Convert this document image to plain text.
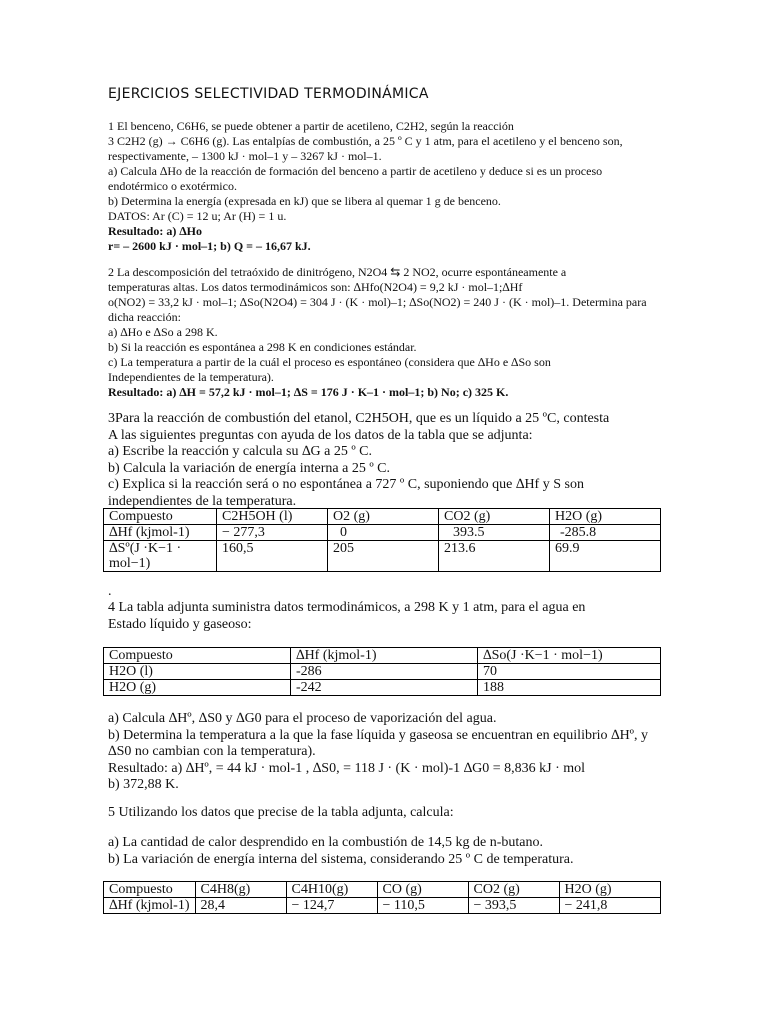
EJERCICIOS SELECTIVIDAD TERMODINÁMICA
1 El benceno, C6H6, se puede obtener a partir de acetileno, C2H2, según la reacción
3 C2H2 (g) → C6H6 (g). Las entalpías de combustión, a 25 º C y 1 atm, para el acetileno y el benceno son,
respectivamente, – 1300 kJ · mol–1 y – 3267 kJ · mol–1.
a) Calcula ∆Ho de la reacción de formación del benceno a partir de acetileno y deduce si es un proceso
endotérmico o exotérmico.
b) Determina la energía (expresada en kJ) que se libera al quemar 1 g de benceno.
DATOS: Ar (C) = 12 u; Ar (H) = 1 u.
Resultado: a) ∆Ho
r= – 2600 kJ · mol–1; b) Q = – 16,67 kJ.
2 La descomposición del tetraóxido de dinitrógeno, N2O4 ⇆ 2 NO2, ocurre espontáneamente a
temperaturas altas. Los datos termodinámicos son: ∆Hfo(N2O4) = 9,2 kJ · mol–1;∆Hf
o(NO2) = 33,2 kJ · mol–1; ∆So(N2O4) = 304 J · (K · mol)–1; ∆So(NO2) = 240 J · (K · mol)–1. Determina para
dicha reacción:
a) ∆Ho e ∆So a 298 K.
b) Si la reacción es espontánea a 298 K en condiciones estándar.
c) La temperatura a partir de la cuál el proceso es espontáneo (considera que ∆Ho e ∆So son
Independientes de la temperatura).
Resultado: a) ∆H = 57,2 kJ · mol–1; ∆S = 176 J · K–1 · mol–1; b) No; c) 325 K.
3Para la reacción de combustión del etanol, C2H5OH, que es un líquido a 25 ºC, contesta
A las siguientes preguntas con ayuda de los datos de la tabla que se adjunta:
a) Escribe la reacción y calcula su ∆G a 25 º C.
b) Calcula la variación de energía interna a 25 º C.
c) Explica si la reacción será o no espontánea a 727 º C, suponiendo que ∆Hf y S son
independientes de la temperatura.
Compuesto	C2H5OH (l)	O2 (g)	CO2 (g)	H2O (g)
∆Hf (kjmol-1)	− 277,3	0	393.5	-285.8
∆Sº(J ·K−1 · mol−1)	160,5	205	213.6	69.9
.
4 La tabla adjunta suministra datos termodinámicos, a 298 K y 1 atm, para el agua en
Estado líquido y gaseoso:
Compuesto	∆Hf (kjmol-1)	∆So(J ·K−1 · mol−1)
H2O (l)	-286	70
H2O (g)	-242	188
a) Calcula ∆Hº, ∆S0 y ∆G0 para el proceso de vaporización del agua.
b) Determina la temperatura a la que la fase líquida y gaseosa se encuentran en equilibrio ∆Hº, y
∆S0 no cambian con la temperatura).
Resultado: a) ∆Hº, = 44 kJ · mol-1 , ∆S0, = 118 J · (K · mol)-1 ∆G0 = 8,836 kJ · mol
b) 372,88 K.
5 Utilizando los datos que precise de la tabla adjunta, calcula:
a) La cantidad de calor desprendido en la combustión de 14,5 kg de n-butano.
b) La variación de energía interna del sistema, considerando 25 º C de temperatura.
Compuesto	C4H8(g)	C4H10(g)	CO (g)	CO2 (g)	H2O (g)
∆Hf (kjmol-1)	28,4	− 124,7	− 110,5	− 393,5	− 241,8
